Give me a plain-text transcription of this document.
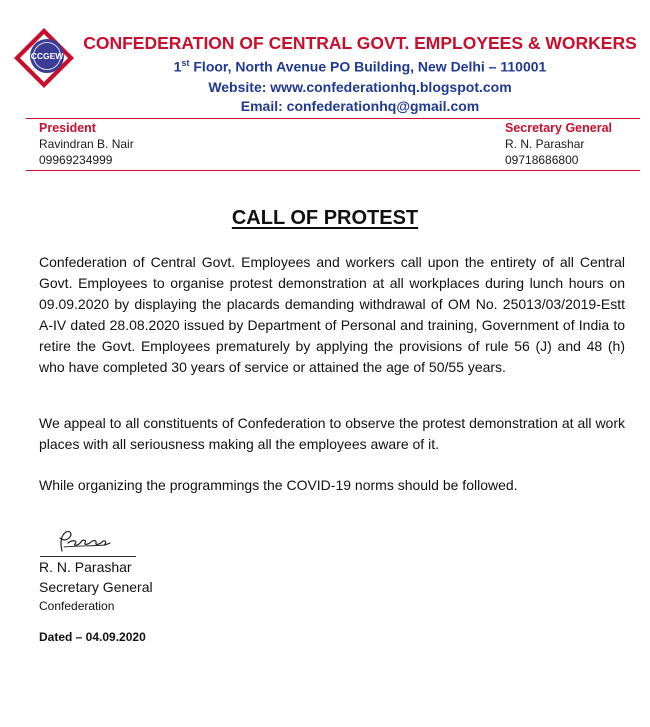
CCGEW
CONFEDERATION OF CENTRAL GOVT. EMPLOYEES & WORKERS
1st Floor, North Avenue PO Building, New Delhi – 110001
Website: www.confederationhq.blogspot.com
Email: confederationhq@gmail.com
President
Ravindran B. Nair
09969234999
Secretary General
R. N. Parashar
09718686800
CALL OF PROTEST
Confederation of Central Govt. Employees and workers call upon the entirety of all Central Govt. Employees to organise protest demonstration at all workplaces during lunch hours on 09.09.2020 by displaying the placards demanding withdrawal of OM No. 25013/03/2019-Estt A-IV dated 28.08.2020 issued by Department of Personal and training, Government of India to retire the Govt. Employees prematurely by applying the provisions of rule 56 (J) and 48 (h) who have completed 30 years of service or attained the age of 50/55 years.
We appeal to all constituents of Confederation to observe the protest demonstration at all work places with all seriousness making all the employees aware of it.
While organizing the programmings the COVID-19 norms should be followed.
R. N. Parashar
Secretary General
Confederation
Dated – 04.09.2020
